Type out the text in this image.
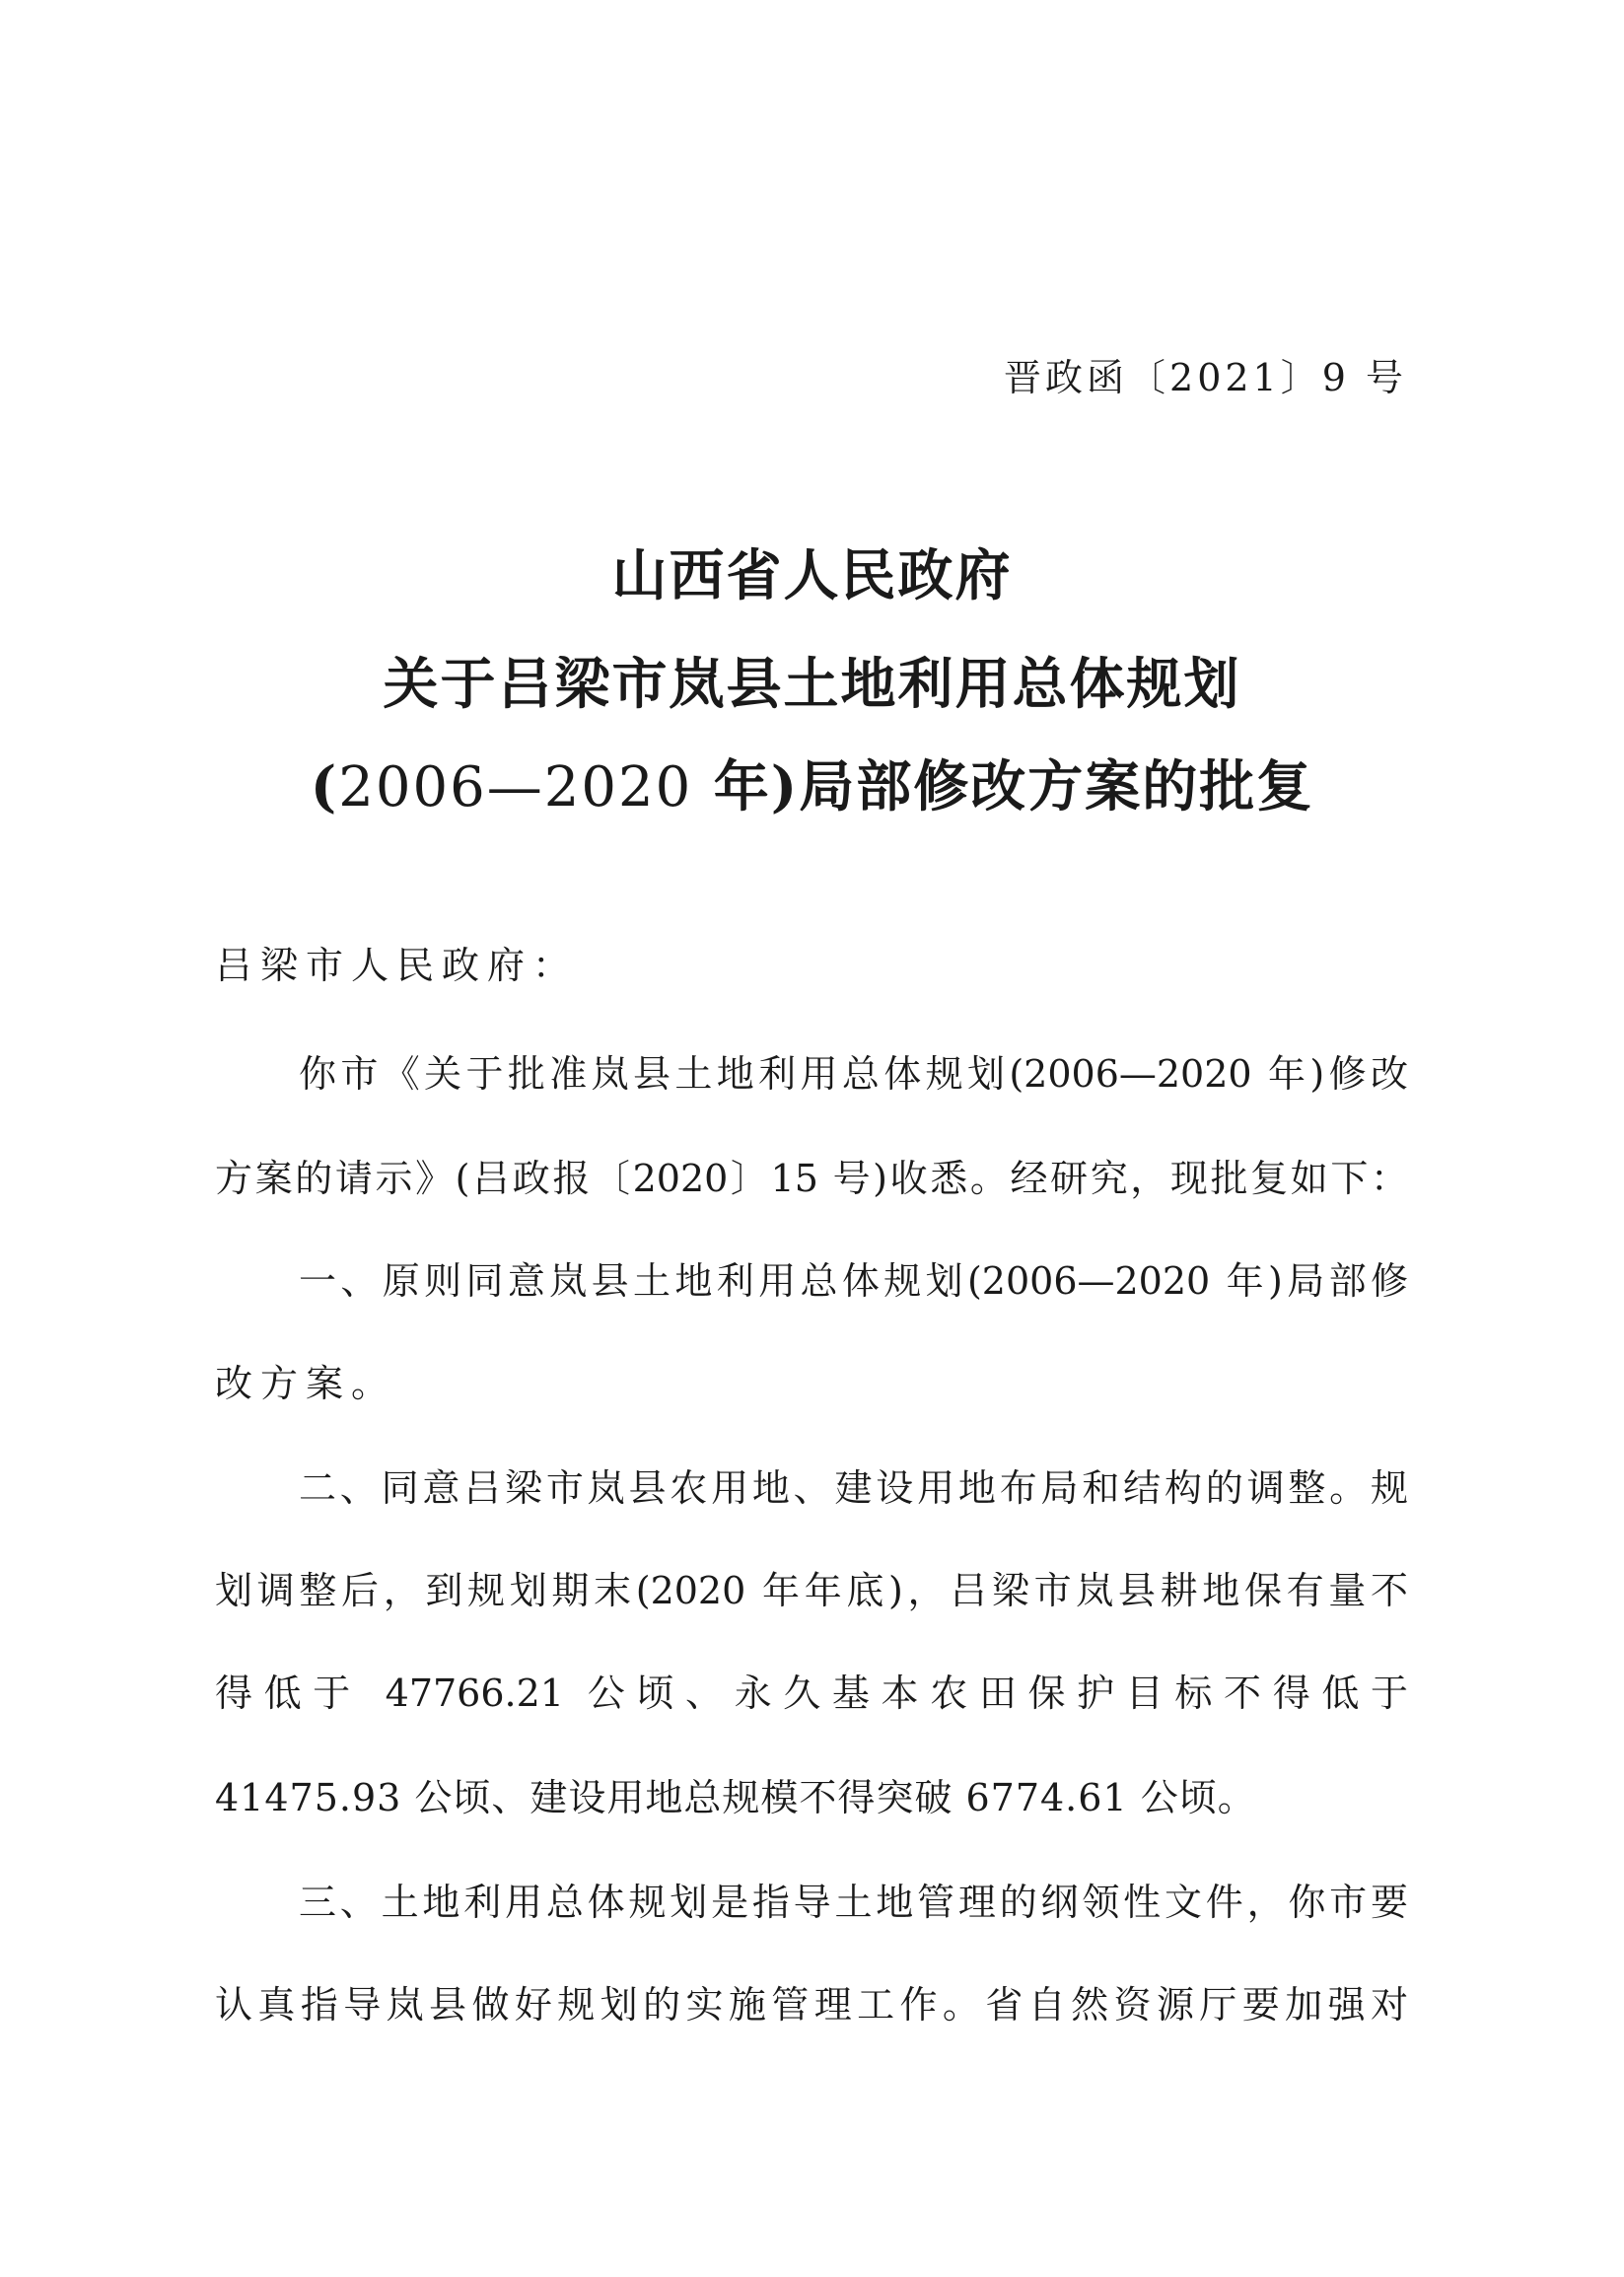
晋政函〔2021〕9 号
山西省人民政府
关于吕梁市岚县土地利用总体规划
(2006—2020 年)局部修改方案的批复
吕梁市人民政府：
你市《关于批准岚县土地利用总体规划(2006—2020 年)修改
方案的请示》(吕政报〔2020〕15 号)收悉。经研究，现批复如下：
一、原则同意岚县土地利用总体规划(2006—2020 年)局部修
改方案。
二、同意吕梁市岚县农用地、建设用地布局和结构的调整。规
划调整后，到规划期末(2020 年年底)，吕梁市岚县耕地保有量不
得低于 47766.21 公顷、永久基本农田保护目标不得低于
41475.93 公顷、建设用地总规模不得突破 6774.61 公顷。
三、土地利用总体规划是指导土地管理的纲领性文件，你市要
认真指导岚县做好规划的实施管理工作。省自然资源厅要加强对
